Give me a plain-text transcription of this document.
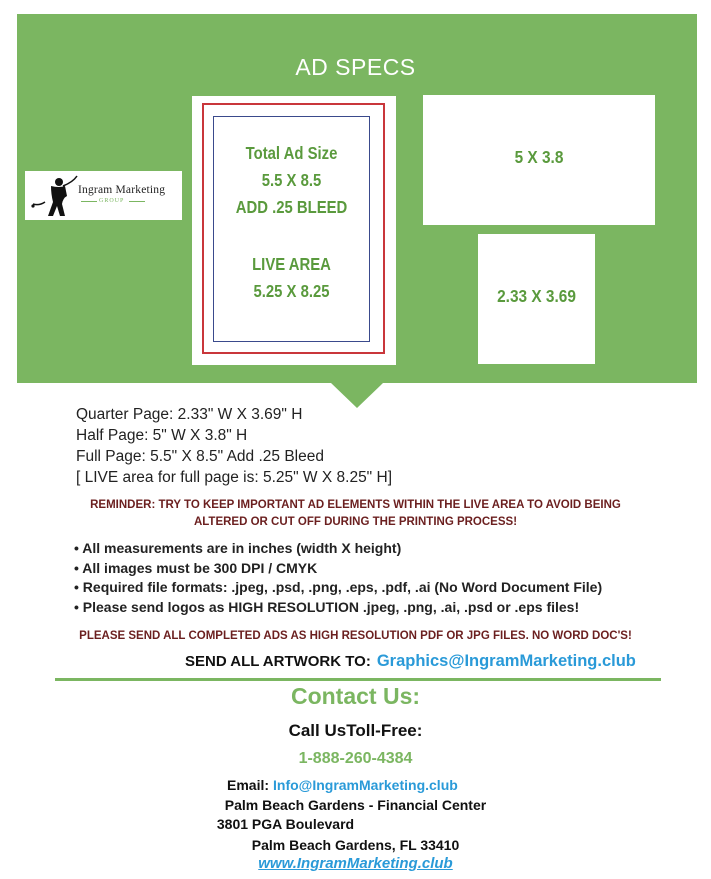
AD SPECS
Ingram Marketing
GROUP
Total Ad Size
5.5 X 8.5
ADD .25 BLEED
LIVE AREA
5.25 X 8.25
5 X 3.8
2.33 X 3.69
Quarter Page: 2.33" W X 3.69" H
Half Page: 5" W X 3.8" H
Full Page: 5.5" X 8.5" Add .25 Bleed
[ LIVE area for full page is: 5.25" W X 8.25" H]
REMINDER: TRY TO KEEP IMPORTANT AD ELEMENTS WITHIN THE LIVE AREA TO AVOID BEING
ALTERED OR CUT OFF DURING THE PRINTING PROCESS!
• All measurements are in inches (width X height)
• All images must be 300 DPI / CMYK
• Required file formats: .jpeg, .psd, .png, .eps, .pdf, .ai (No Word Document File)
• Please send logos as HIGH RESOLUTION .jpeg, .png, .ai, .psd or .eps files!
PLEASE SEND ALL COMPLETED ADS AS HIGH RESOLUTION PDF OR JPG FILES. NO WORD DOC'S!
SEND ALL ARTWORK TO: Graphics@IngramMarketing.club
Contact Us:
Call UsToll-Free:
1-888-260-4384
Email: Info@IngramMarketing.club
Palm Beach Gardens - Financial Center
3801 PGA Boulevard
Palm Beach Gardens, FL 33410
www.IngramMarketing.club
